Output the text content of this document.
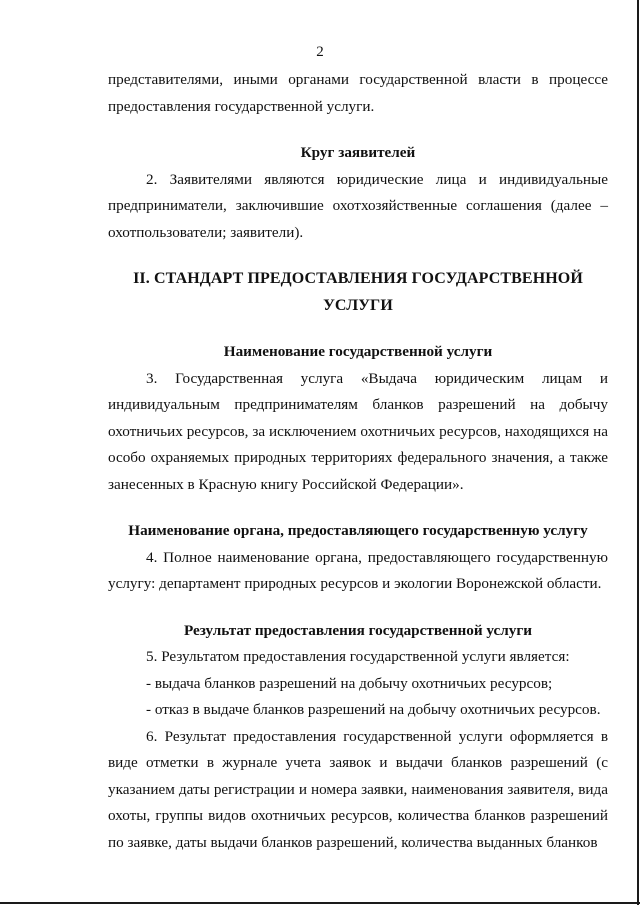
2

представителями, иными органами государственной власти в процессе предоставления государственной услуги.

Круг заявителей

2. Заявителями являются юридические лица и индивидуальные предприниматели, заключившие охотхозяйственные соглашения (далее – охотпользователи; заявители).

II. СТАНДАРТ ПРЕДОСТАВЛЕНИЯ ГОСУДАРСТВЕННОЙ УСЛУГИ

Наименование государственной услуги

3. Государственная услуга «Выдача юридическим лицам и индивидуальным предпринимателям бланков разрешений на добычу охотничьих ресурсов, за исключением охотничьих ресурсов, находящихся на особо охраняемых природных территориях федерального значения, а также занесенных в Красную книгу Российской Федерации».

Наименование органа, предоставляющего государственную услугу

4. Полное наименование органа, предоставляющего государственную услугу: департамент природных ресурсов и экологии Воронежской области.

Результат предоставления государственной услуги

5. Результатом предоставления государственной услуги является:

- выдача бланков разрешений на добычу охотничьих ресурсов;

- отказ в выдаче бланков разрешений на добычу охотничьих ресурсов.

6. Результат предоставления государственной услуги оформляется в виде отметки в журнале учета заявок и выдачи бланков разрешений (с указанием даты регистрации и номера заявки, наименования заявителя, вида охоты, группы видов охотничьих ресурсов, количества бланков разрешений по заявке, даты выдачи бланков разрешений, количества выданных бланков
